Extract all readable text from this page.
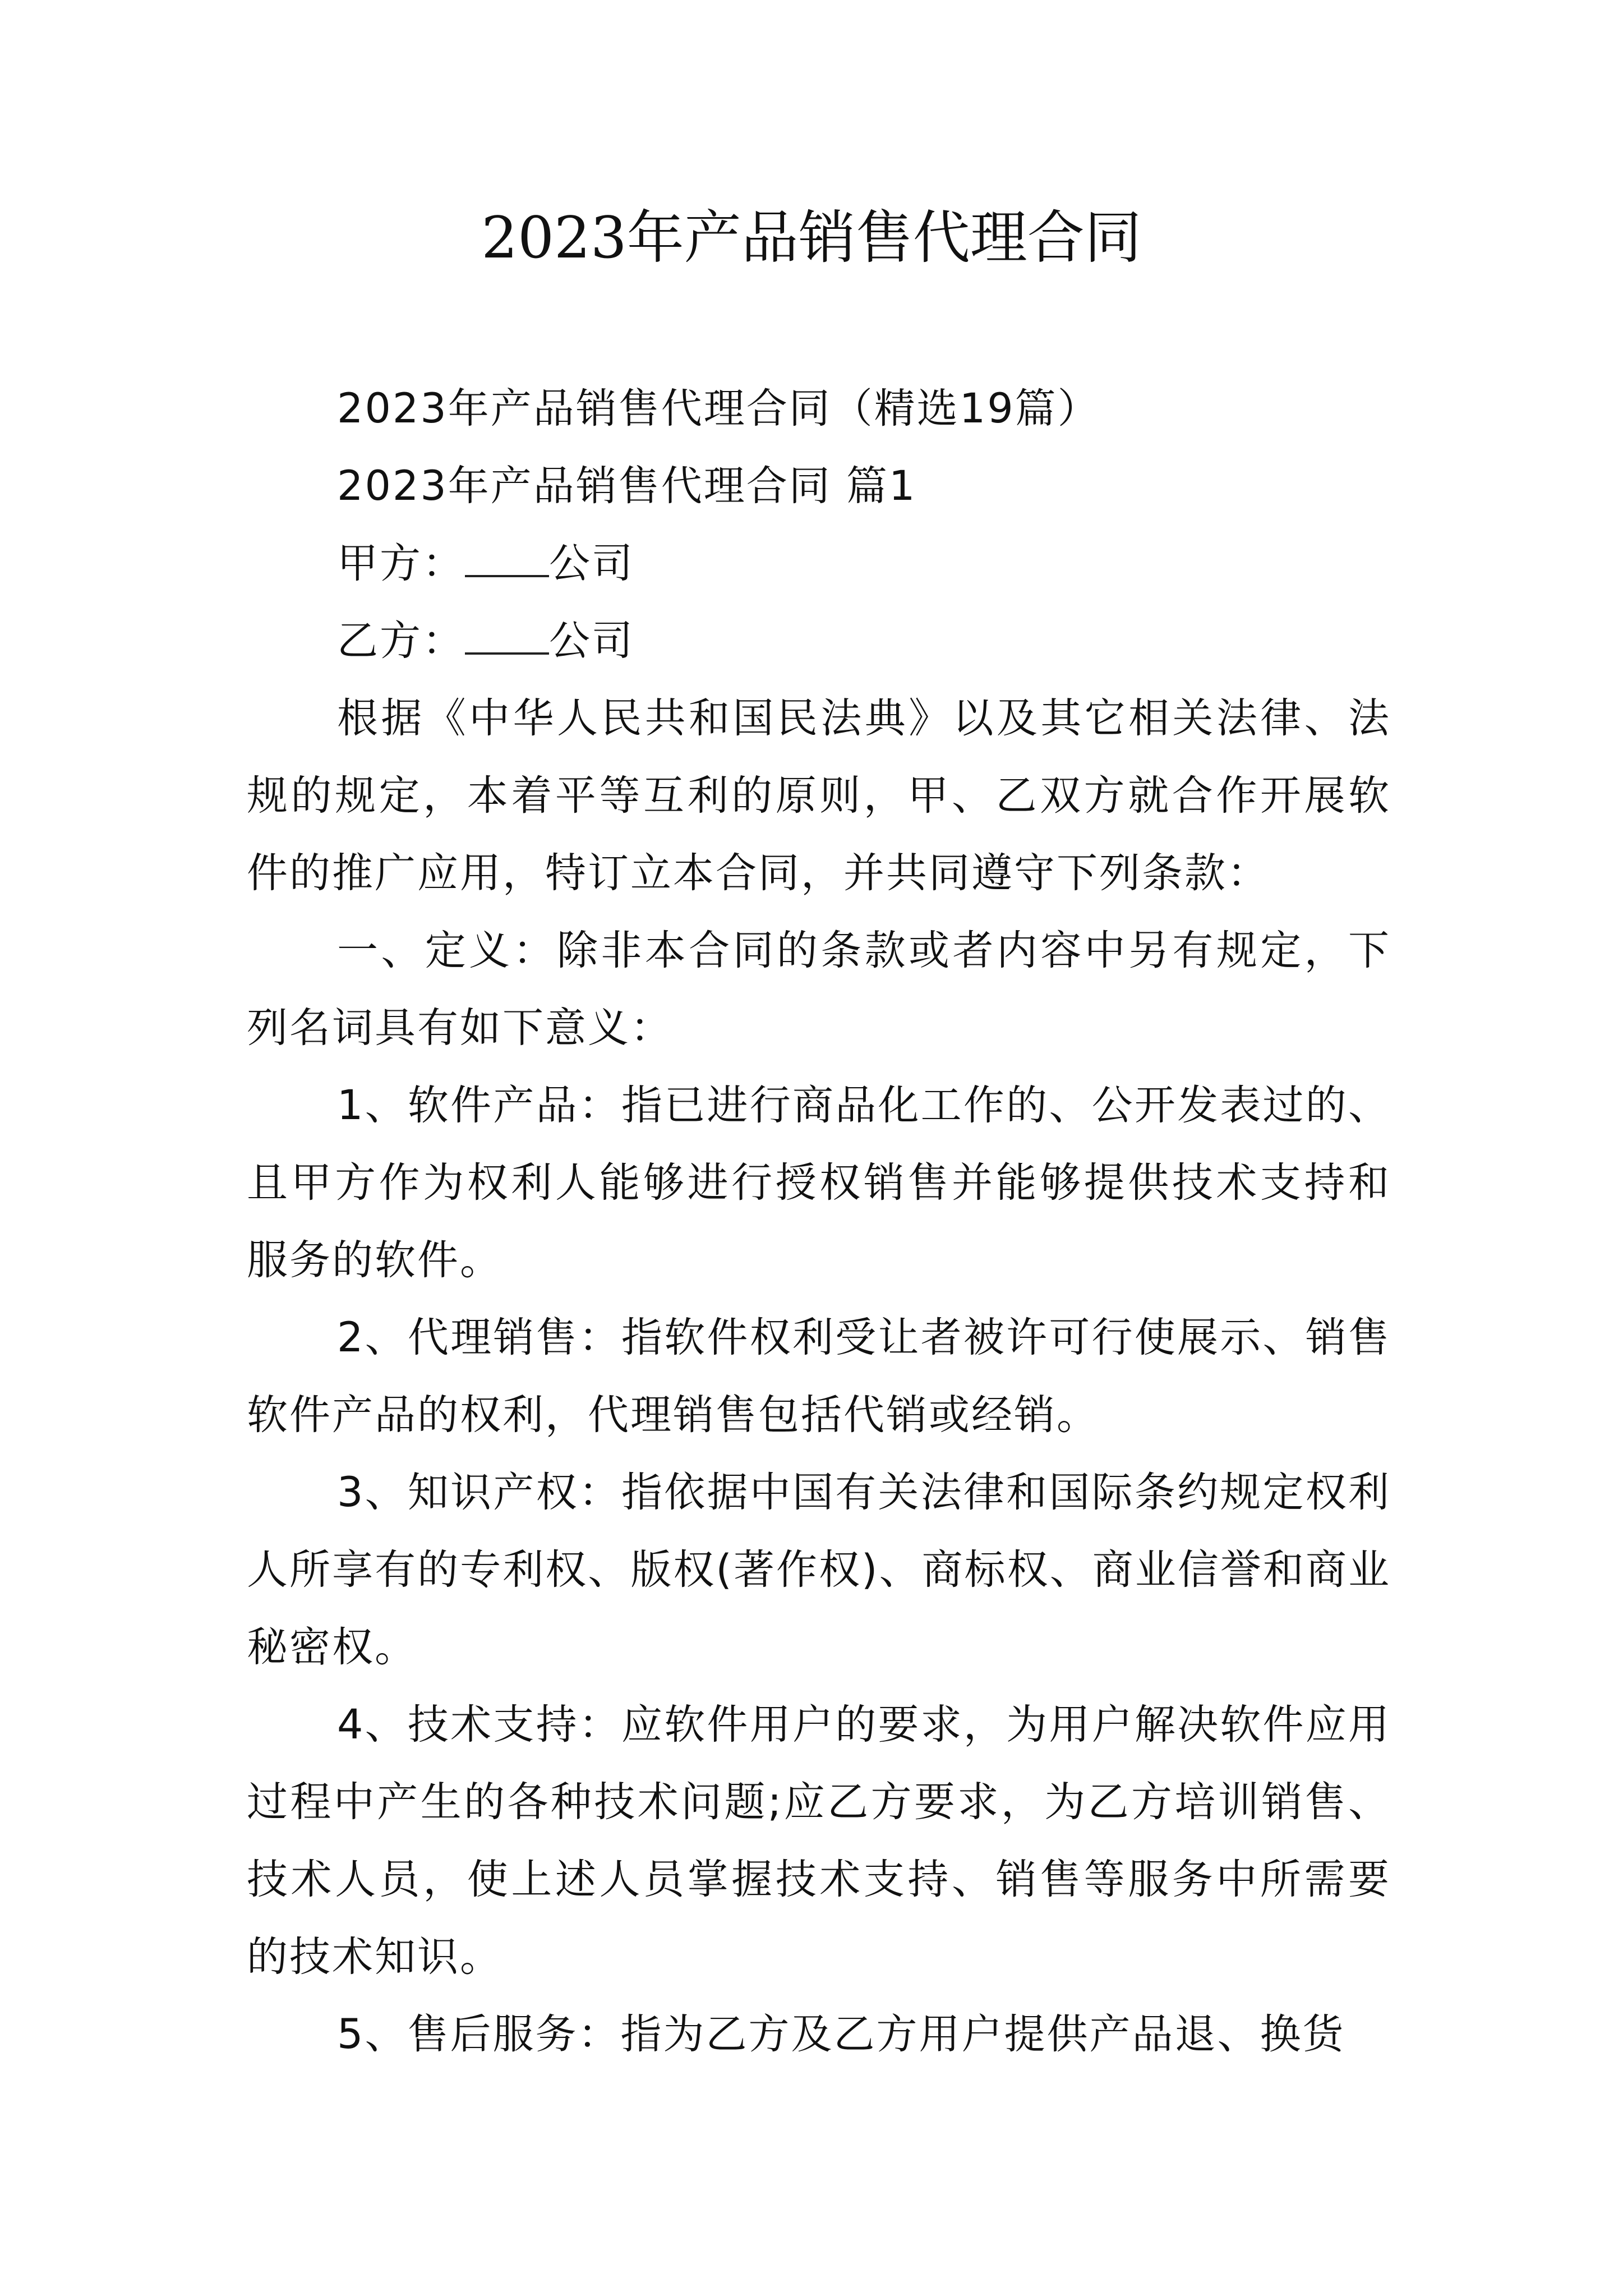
2023年产品销售代理合同

2023年产品销售代理合同（精选19篇）

2023年产品销售代理合同 篇1

甲方： 公司

乙方： 公司

根据《中华人民共和国民法典》以及其它相关法律、法规的规定，本着平等互利的原则，甲、乙双方就合作开展软件的推广应用，特订立本合同，并共同遵守下列条款：

一、定义：除非本合同的条款或者内容中另有规定，下列名词具有如下意义：

1、软件产品：指已进行商品化工作的、公开发表过的、且甲方作为权利人能够进行授权销售并能够提供技术支持和服务的软件。

2、代理销售：指软件权利受让者被许可行使展示、销售软件产品的权利，代理销售包括代销或经销。

3、知识产权：指依据中国有关法律和国际条约规定权利人所享有的专利权、版权(著作权)、商标权、商业信誉和商业秘密权。

4、技术支持：应软件用户的要求，为用户解决软件应用过程中产生的各种技术问题;应乙方要求，为乙方培训销售、技术人员，使上述人员掌握技术支持、销售等服务中所需要的技术知识。

5、售后服务：指为乙方及乙方用户提供产品退、换货
